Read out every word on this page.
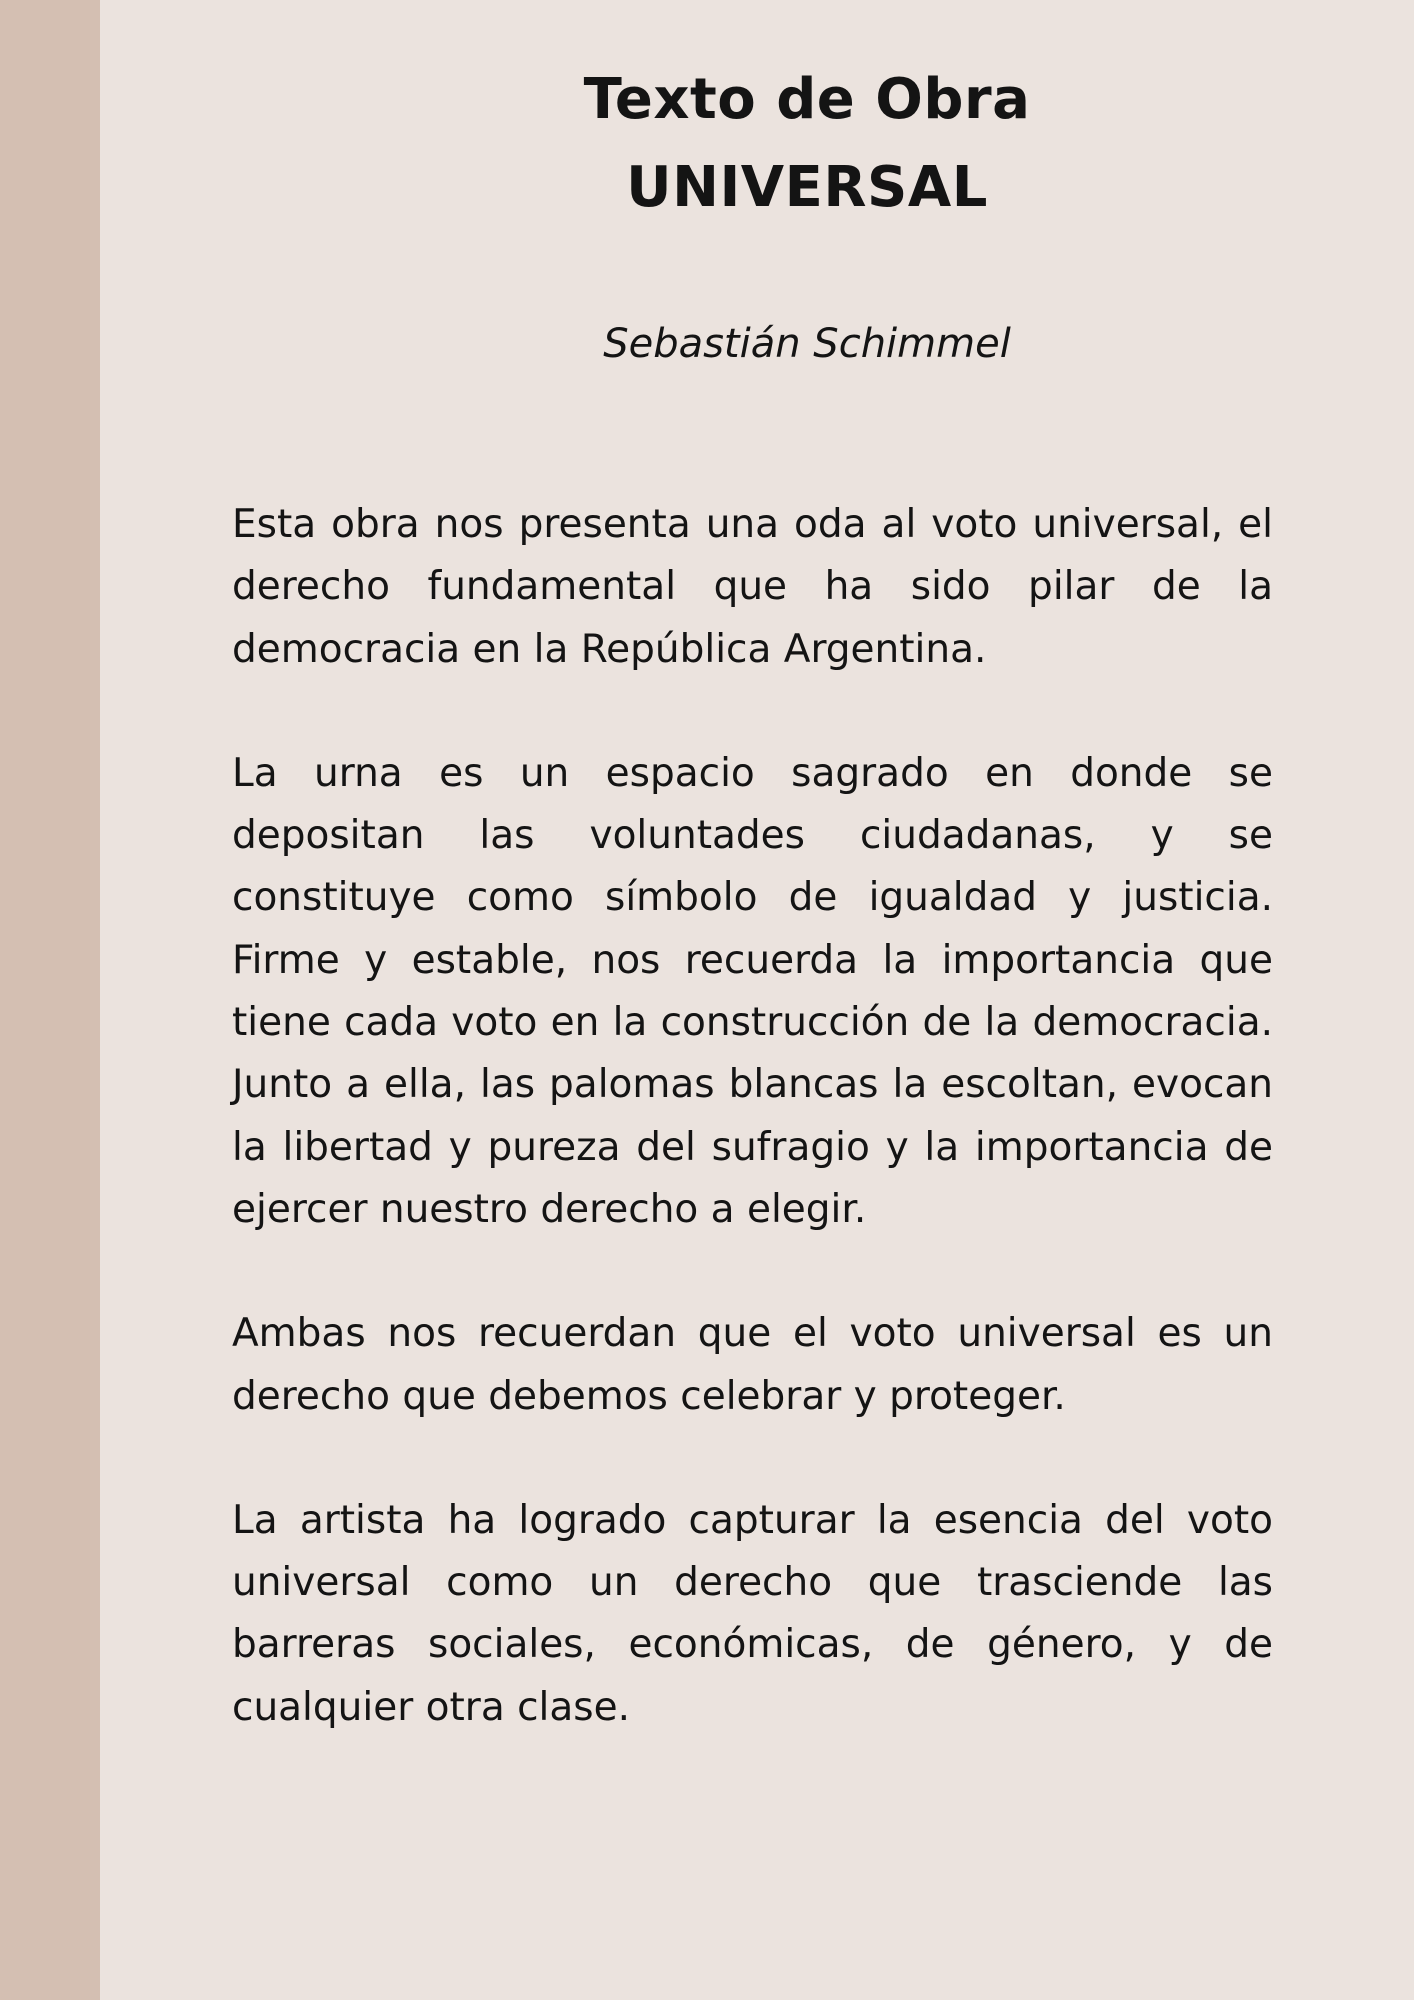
Texto de Obra
UNIVERSAL

Sebastián Schimmel

Esta obra nos presenta una oda al voto universal, el derecho fundamental que ha sido pilar de la democracia en la República Argentina.

La urna es un espacio sagrado en donde se depositan las voluntades ciudadanas, y se constituye como símbolo de igualdad y justicia. Firme y estable, nos recuerda la importancia que tiene cada voto en la construcción de la democracia. Junto a ella, las palomas blancas la escoltan, evocan la libertad y pureza del sufragio y la importancia de ejercer nuestro derecho a elegir.

Ambas nos recuerdan que el voto universal es un derecho que debemos celebrar y proteger.

La artista ha logrado capturar la esencia del voto universal como un derecho que trasciende las barreras sociales, económicas, de género, y de cualquier otra clase.
